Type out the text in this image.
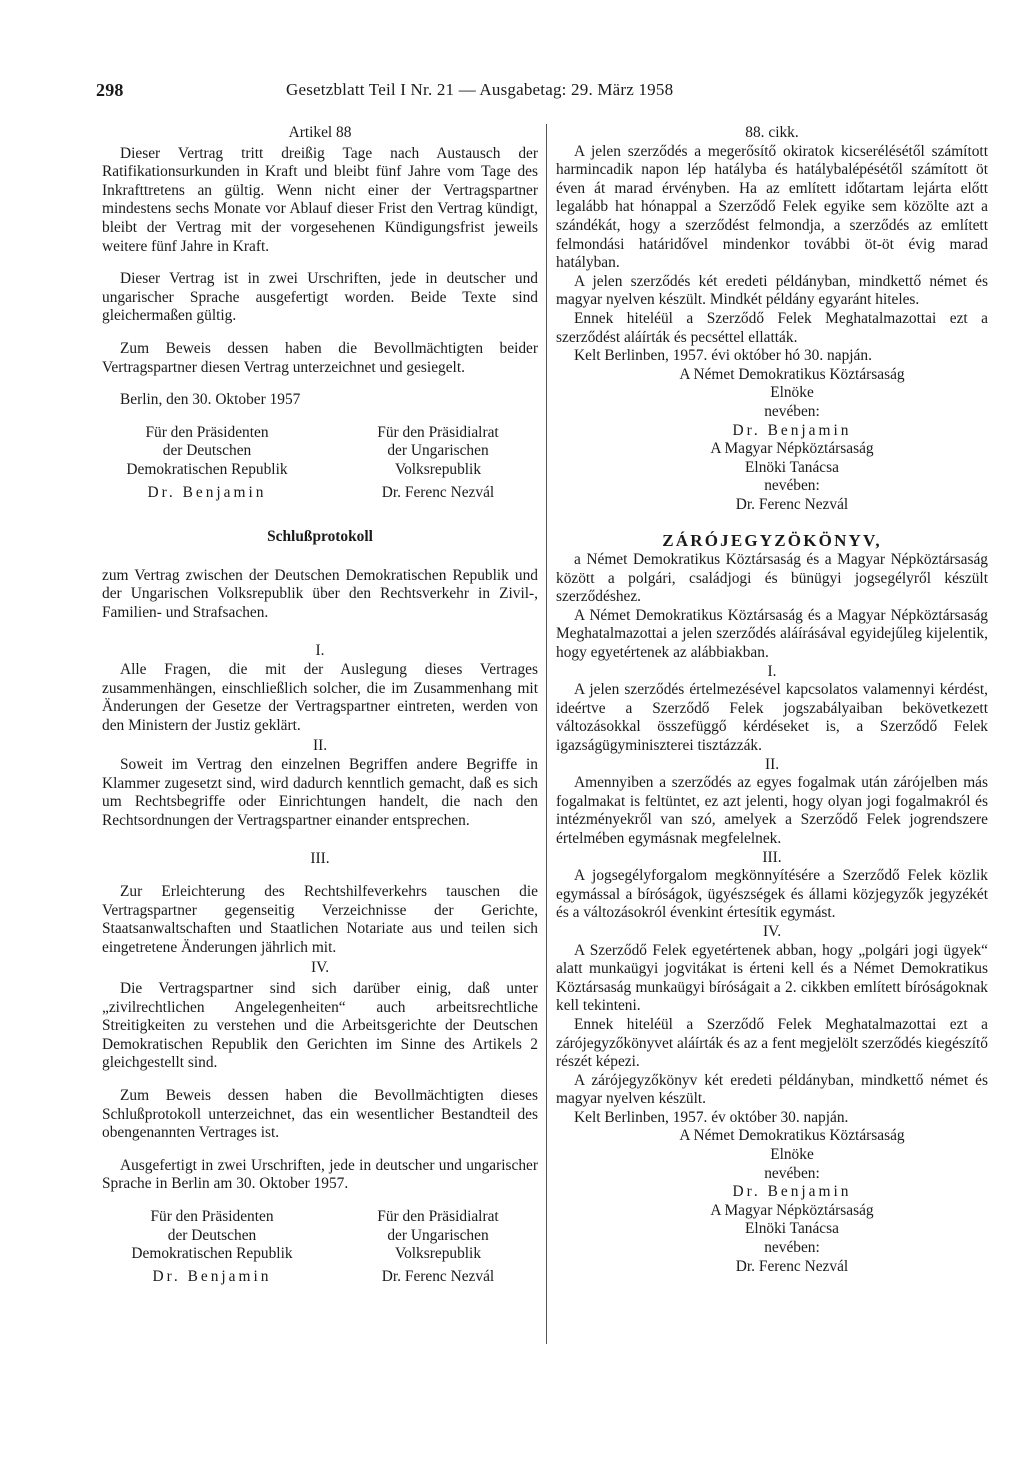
298	Gesetzblatt Teil I Nr. 21 — Ausgabetag: 29. März 1958

Artikel 88

Dieser Vertrag tritt dreißig Tage nach Austausch der Ratifikationsurkunden in Kraft und bleibt fünf Jahre vom Tage des Inkrafttretens an gültig. Wenn nicht einer der Vertragspartner mindestens sechs Monate vor Ablauf dieser Frist den Vertrag kündigt, bleibt der Vertrag mit der vorgesehenen Kündigungsfrist jeweils weitere fünf Jahre in Kraft.

Dieser Vertrag ist in zwei Urschriften, jede in deutscher und ungarischer Sprache ausgefertigt worden. Beide Texte sind gleichermaßen gültig.

Zum Beweis dessen haben die Bevollmächtigten beider Vertragspartner diesen Vertrag unterzeichnet und gesiegelt.

Berlin, den 30. Oktober 1957

Für den Präsidenten

der Deutschen

Demokratischen Republik

Dr. Benjamin

Für den Präsidialrat

der Ungarischen

Volksrepublik

Dr. Ferenc Nezvál

Schlußprotokoll

zum Vertrag zwischen der Deutschen Demokratischen Republik und der Ungarischen Volksrepublik über den Rechtsverkehr in Zivil-, Familien- und Strafsachen.

I.

Alle Fragen, die mit der Auslegung dieses Vertrages zusammenhängen, einschließlich solcher, die im Zusammenhang mit Änderungen der Gesetze der Vertragspartner eintreten, werden von den Ministern der Justiz geklärt.

II.

Soweit im Vertrag den einzelnen Begriffen andere Begriffe in Klammer zugesetzt sind, wird dadurch kenntlich gemacht, daß es sich um Rechtsbegriffe oder Einrichtungen handelt, die nach den Rechtsordnungen der Vertragspartner einander entsprechen.

III.

Zur Erleichterung des Rechtshilfeverkehrs tauschen die Vertragspartner gegenseitig Verzeichnisse der Gerichte, Staatsanwaltschaften und Staatlichen Notariate aus und teilen sich eingetretene Änderungen jährlich mit.

IV.

Die Vertragspartner sind sich darüber einig, daß unter „zivilrechtlichen Angelegenheiten“ auch arbeitsrechtliche Streitigkeiten zu verstehen und die Arbeitsgerichte der Deutschen Demokratischen Republik den Gerichten im Sinne des Artikels 2 gleichgestellt sind.

Zum Beweis dessen haben die Bevollmächtigten dieses Schlußprotokoll unterzeichnet, das ein wesentlicher Bestandteil des obengenannten Vertrages ist.

Ausgefertigt in zwei Urschriften, jede in deutscher und ungarischer Sprache in Berlin am 30. Oktober 1957.

Für den Präsidenten

der Deutschen

Demokratischen Republik

Dr. Benjamin

Für den Präsidialrat

der Ungarischen

Volksrepublik

Dr. Ferenc Nezvál

88. cikk.

A jelen szerződés a megerősítő okiratok kicserélésétől számított harmincadik napon lép hatályba és hatálybalépésétől számított öt éven át marad érvényben. Ha az említett időtartam lejárta előtt legalább hat hónappal a Szerződő Felek egyike sem közölte azt a szándékát, hogy a szerződést felmondja, a szerződés az említett felmondási határidővel mindenkor további öt-öt évig marad hatályban.

A jelen szerződés két eredeti példányban, mindkettő német és magyar nyelven készült. Mindkét példány egyaránt hiteles.

Ennek hiteléül a Szerződő Felek Meghatalmazottai ezt a szerződést aláírták és pecséttel ellatták.

Kelt Berlinben, 1957. évi október hó 30. napján.

A Német Demokratikus Köztársaság

Elnöke

nevében:

Dr. Benjamin

A Magyar Népköztársaság

Elnöki Tanácsa

nevében:

Dr. Ferenc Nezvál

ZÁRÓJEGYZÖKÖNYV,

a Német Demokratikus Köztársaság és a Magyar Népköztársaság között a polgári, családjogi és bünügyi jogsegélyről készült szerződéshez.

A Német Demokratikus Köztársaság és a Magyar Népköztársaság Meghatalmazottai a jelen szerződés aláírásával egyidejűleg kijelentik, hogy egyetértenek az alábbiakban.

I.

A jelen szerződés értelmezésével kapcsolatos valamennyi kérdést, ideértve a Szerződő Felek jogszabályaiban bekövetkezett változásokkal összefüggő kérdéseket is, a Szerződő Felek igazságügyminiszterei tisztázzák.

II.

Amennyiben a szerződés az egyes fogalmak után zárójelben más fogalmakat is feltüntet, ez azt jelenti, hogy olyan jogi fogalmakról és intézményekről van szó, amelyek a Szerződő Felek jogrendszere értelmében egymásnak megfelelnek.

III.

A jogsegélyforgalom megkönnyítésére a Szerződő Felek közlik egymással a bíróságok, ügyészségek és állami közjegyzők jegyzékét és a változásokról évenkint értesítik egymást.

IV.

A Szerződő Felek egyetértenek abban, hogy „polgári jogi ügyek“ alatt munkaügyi jogvitákat is érteni kell és a Német Demokratikus Köztársaság munkaügyi bíróságait a 2. cikkben említett bíróságoknak kell tekinteni.

Ennek hiteléül a Szerződő Felek Meghatalmazottai ezt a zárójegyzőkönyvet aláírták és az a fent megjelölt szerződés kiegészítő részét képezi.

A zárójegyzőkönyv két eredeti példányban, mindkettő német és magyar nyelven készült.

Kelt Berlinben, 1957. év október 30. napján.

A Német Demokratikus Köztársaság

Elnöke

nevében:

Dr. Benjamin

A Magyar Népköztársaság

Elnöki Tanácsa

nevében:

Dr. Ferenc Nezvál
